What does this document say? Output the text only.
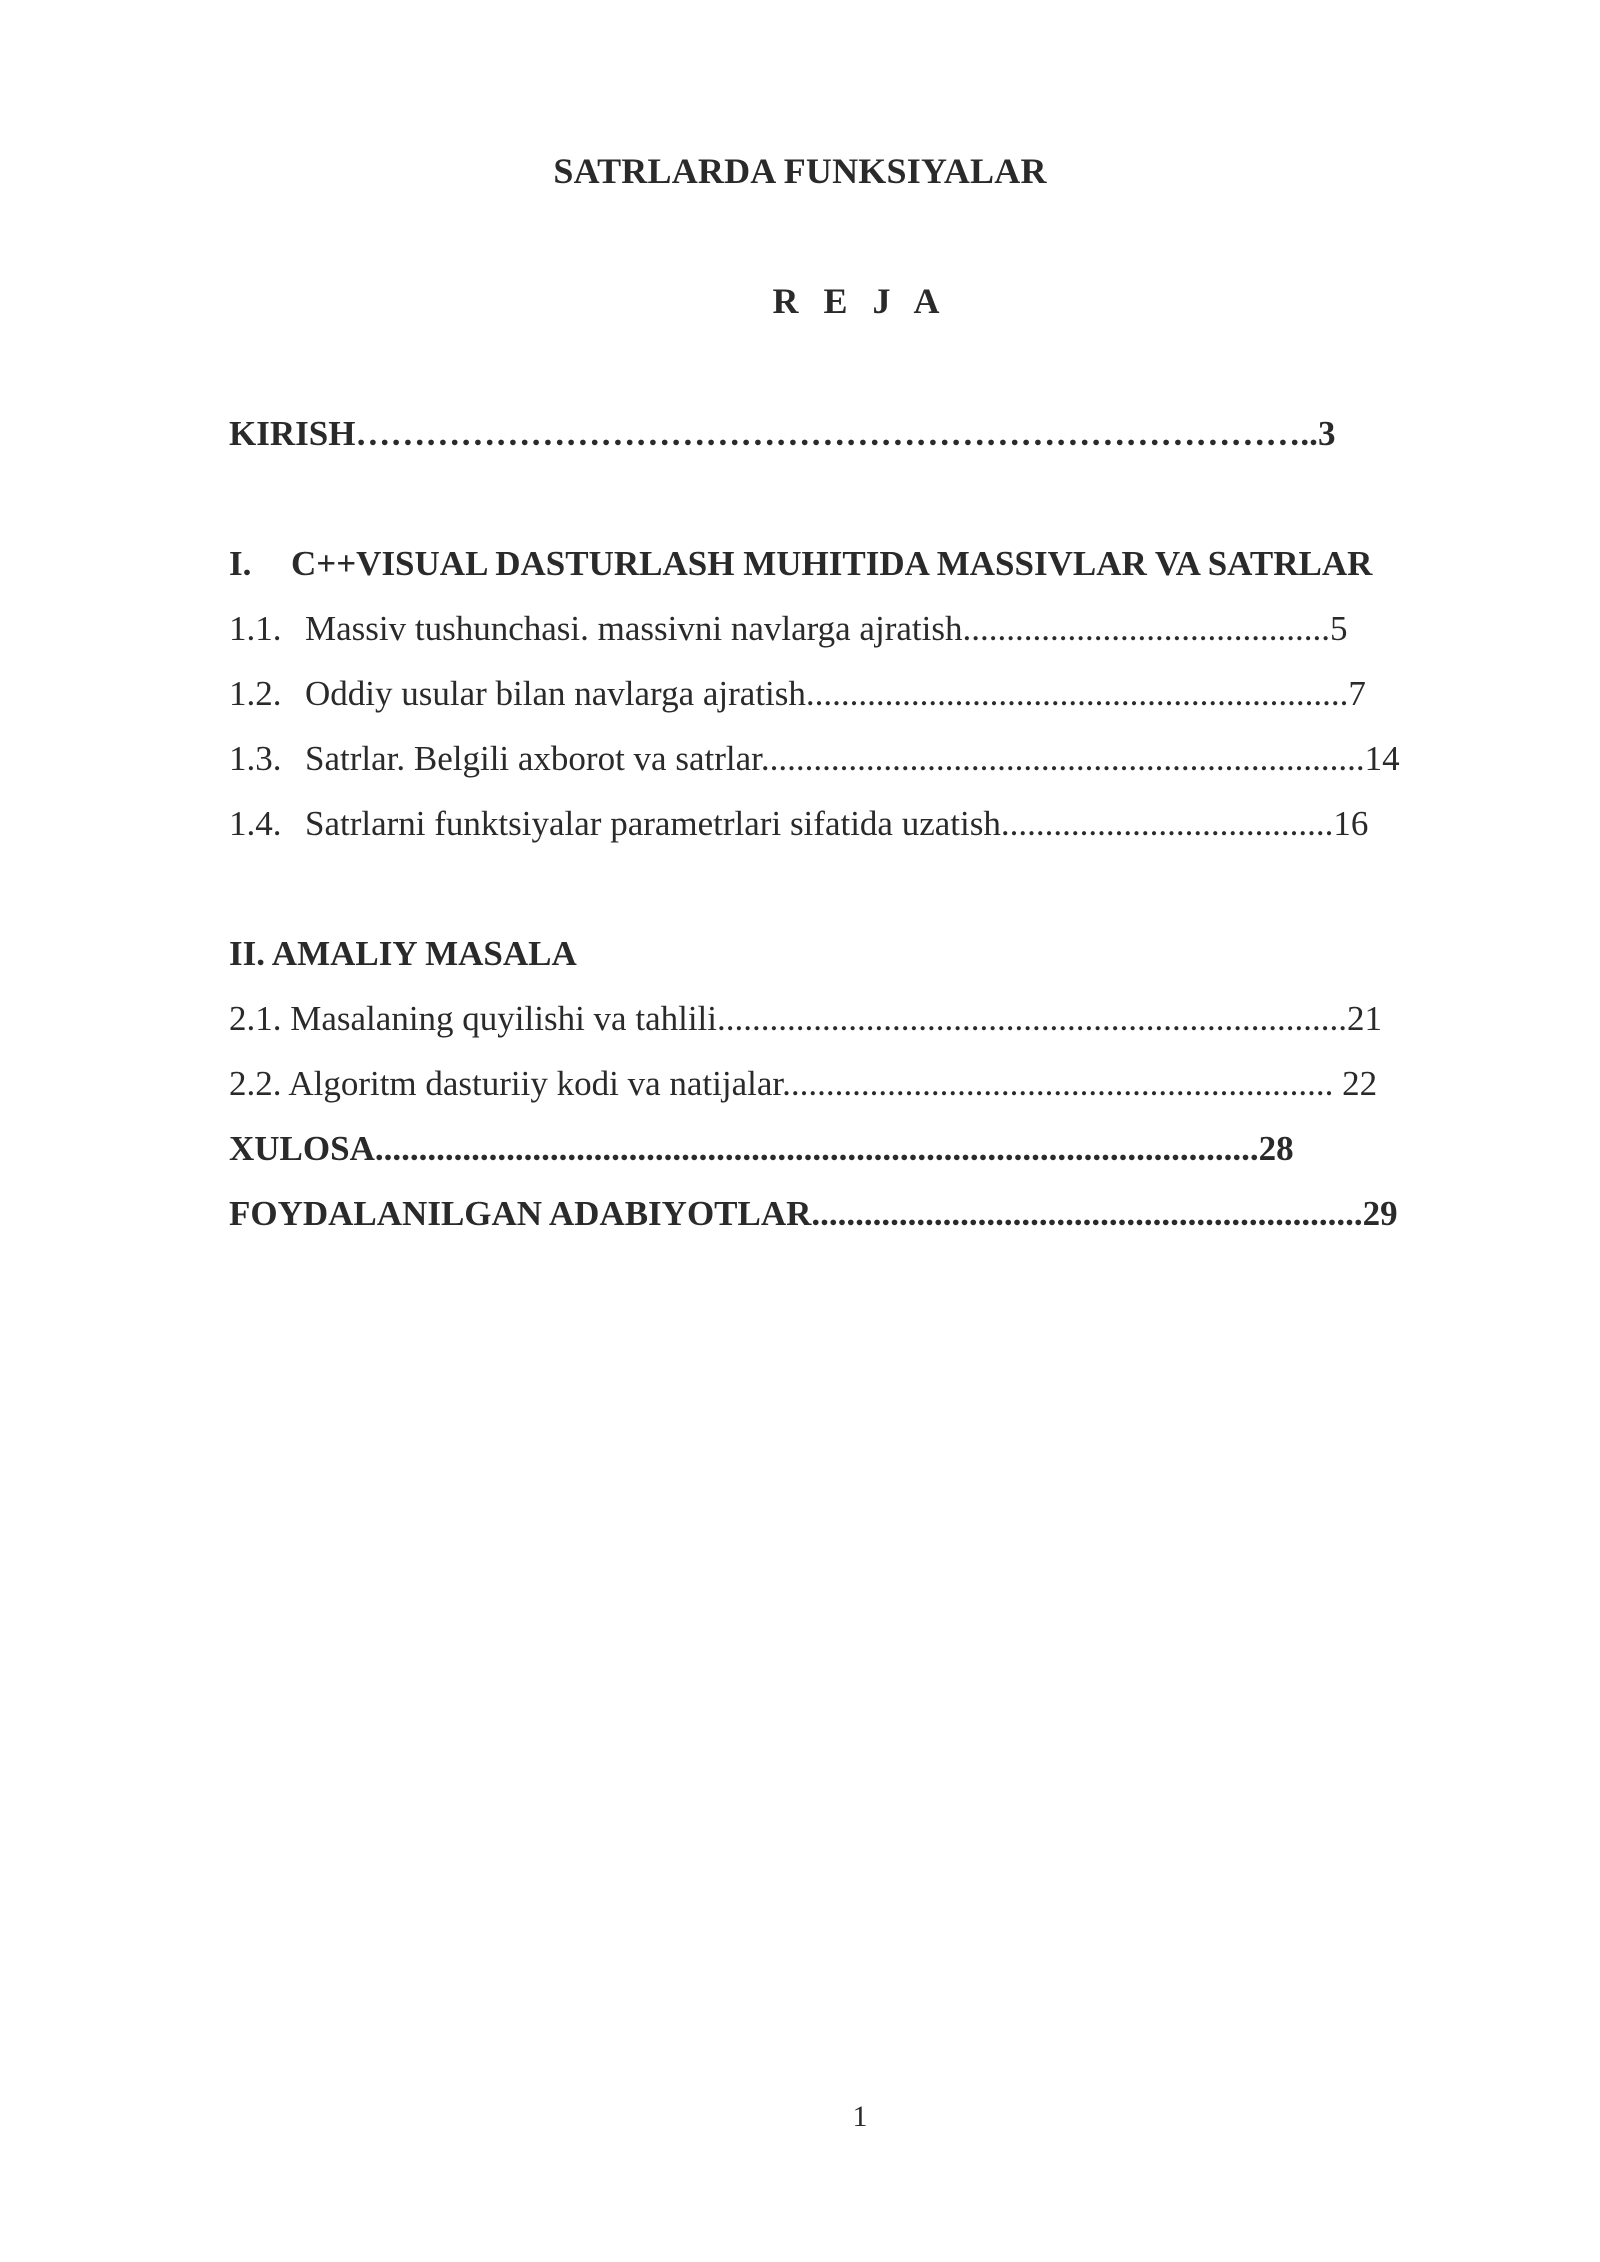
SATRLARDA FUNKSIYALAR
R E J A
KIRISH………………………………………………………………………..3
I. C++VISUAL DASTURLASH MUHITIDA MASSIVLAR VA SATRLAR
1.1. Massiv tushunchasi. massivni navlarga ajratish..........................................5
1.2. Oddiy usular bilan navlarga ajratish..............................................................7
1.3. Satrlar. Belgili axborot va satrlar.....................................................................14
1.4. Satrlarni funktsiyalar parametrlari sifatida uzatish......................................16
II. AMALIY MASALA
2.1. Masalaning quyilishi va tahlili........................................................................21
2.2. Algoritm dasturiiy kodi va natijalar............................................................... 22
XULOSA.....................................................................................................28
FOYDALANILGAN ADABIYOTLAR...............................................................29
1
